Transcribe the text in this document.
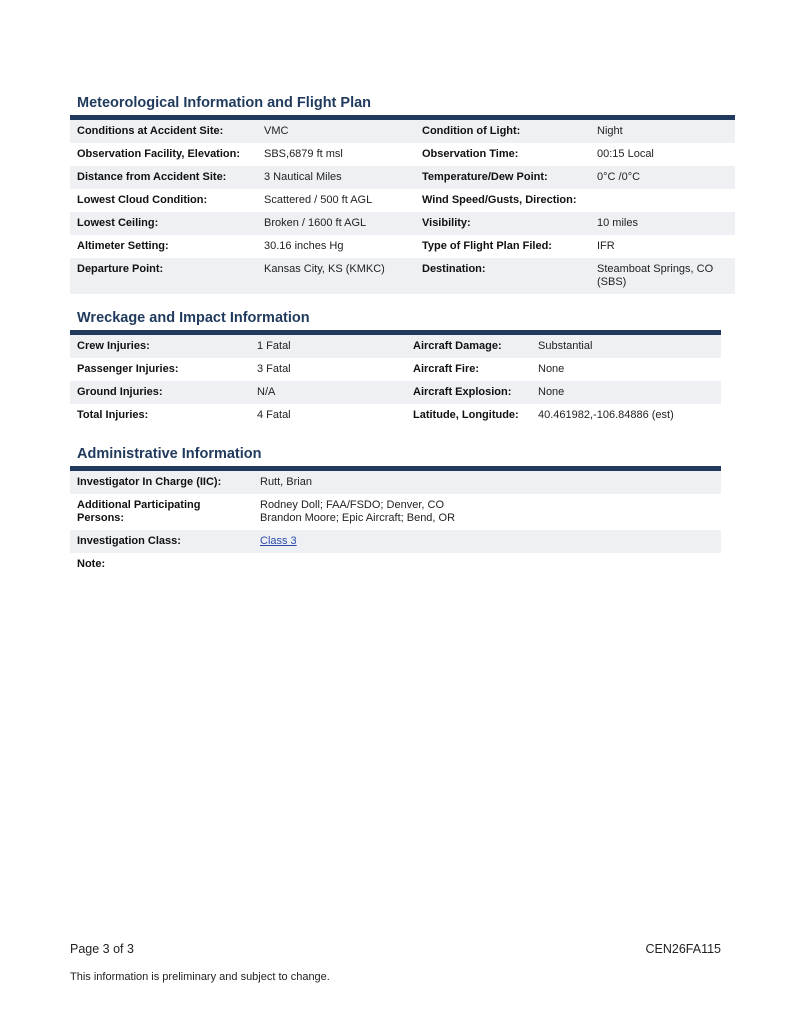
Meteorological Information and Flight Plan
Conditions at Accident Site:	VMC	Condition of Light:	Night
Observation Facility, Elevation:	SBS,6879 ft msl	Observation Time:	00:15 Local
Distance from Accident Site:	3 Nautical Miles	Temperature/Dew Point:	0°C /0°C
Lowest Cloud Condition:	Scattered / 500 ft AGL	Wind Speed/Gusts, Direction:	
Lowest Ceiling:	Broken / 1600 ft AGL	Visibility:	10 miles
Altimeter Setting:	30.16 inches Hg	Type of Flight Plan Filed:	IFR
Departure Point:	Kansas City, KS (KMKC)	Destination:	Steamboat Springs, CO (SBS)
Wreckage and Impact Information
Crew Injuries:	1 Fatal	Aircraft Damage:	Substantial
Passenger Injuries:	3 Fatal	Aircraft Fire:	None
Ground Injuries:	N/A	Aircraft Explosion:	None
Total Injuries:	4 Fatal	Latitude, Longitude:	40.461982,-106.84886 (est)
Administrative Information
Investigator In Charge (IIC):	Rutt, Brian
Additional Participating Persons:	Rodney Doll; FAA/FSDO; Denver, CO
Brandon Moore; Epic Aircraft; Bend, OR

Investigation Class:	Class 3
Note:	
Page 3 of 3	CEN26FA115
This information is preliminary and subject to change.
